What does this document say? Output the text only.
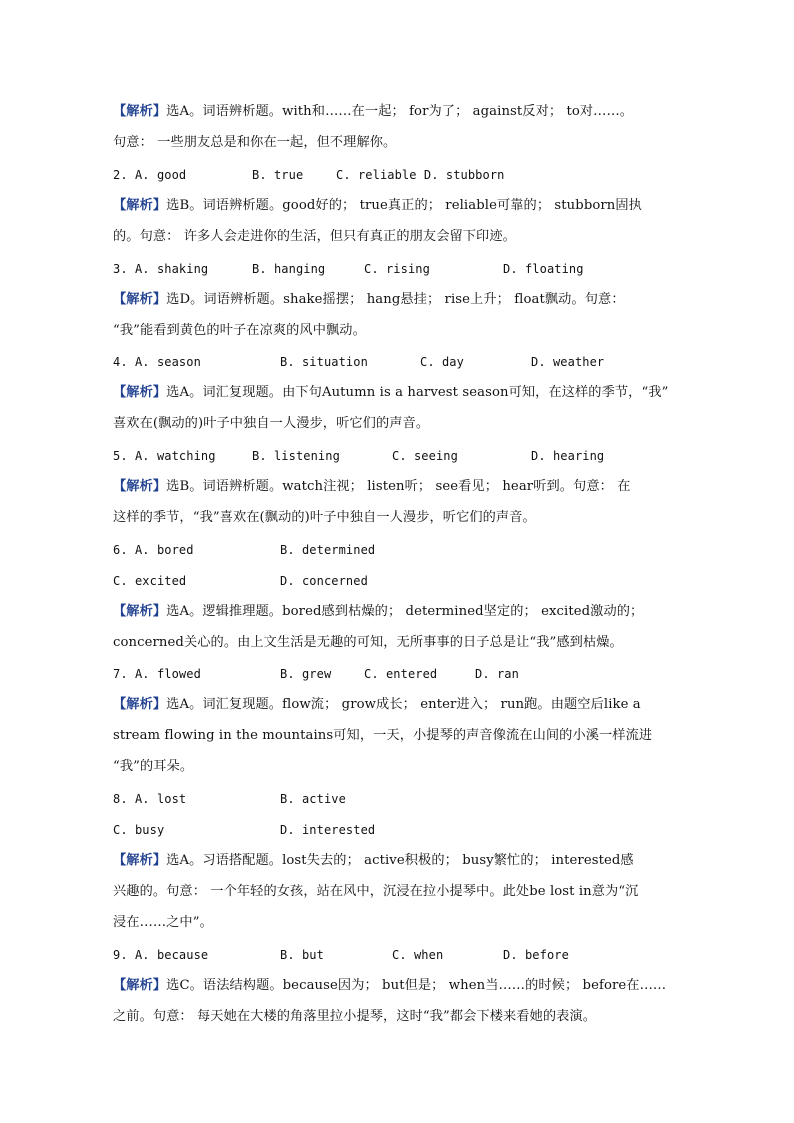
【解析】选A。词语辨析题。with和……在一起； for为了； against反对； to对……。
句意： 一些朋友总是和你在一起，但不理解你。
2. A. good	B. true	C. reliable D. stubborn
【解析】选B。词语辨析题。good好的； true真正的； reliable可靠的； stubborn固执
的。句意： 许多人会走进你的生活，但只有真正的朋友会留下印迹。
3. A. shaking	B. hanging	C. rising	D. floating
【解析】选D。词语辨析题。shake摇摆； hang悬挂； rise上升； float飘动。句意：
“我”能看到黄色的叶子在凉爽的风中飘动。
4. A. season	B. situation	C. day	D. weather
【解析】选A。词汇复现题。由下句Autumn is a harvest season可知，在这样的季节，“我”
喜欢在(飘动的)叶子中独自一人漫步，听它们的声音。
5. A. watching	B. listening	C. seeing	D. hearing
【解析】选B。词语辨析题。watch注视； listen听； see看见； hear听到。句意： 在
这样的季节，“我”喜欢在(飘动的)叶子中独自一人漫步，听它们的声音。
6. A. bored	B. determined
C. excited	D. concerned
【解析】选A。逻辑推理题。bored感到枯燥的； determined坚定的； excited激动的；
concerned关心的。由上文生活是无趣的可知，无所事事的日子总是让“我”感到枯燥。
7. A. flowed	B. grew	C. entered	D. ran
【解析】选A。词汇复现题。flow流； grow成长； enter进入； run跑。由题空后like a
stream flowing in the mountains可知，一天，小提琴的声音像流在山间的小溪一样流进
“我”的耳朵。
8. A. lost	B. active
C. busy	D. interested
【解析】选A。习语搭配题。lost失去的； active积极的； busy繁忙的； interested感
兴趣的。句意： 一个年轻的女孩，站在风中，沉浸在拉小提琴中。此处be lost in意为“沉
浸在……之中”。
9. A. because	B. but	C. when	D. before
【解析】选C。语法结构题。because因为； but但是； when当……的时候； before在……
之前。句意： 每天她在大楼的角落里拉小提琴，这时“我”都会下楼来看她的表演。
